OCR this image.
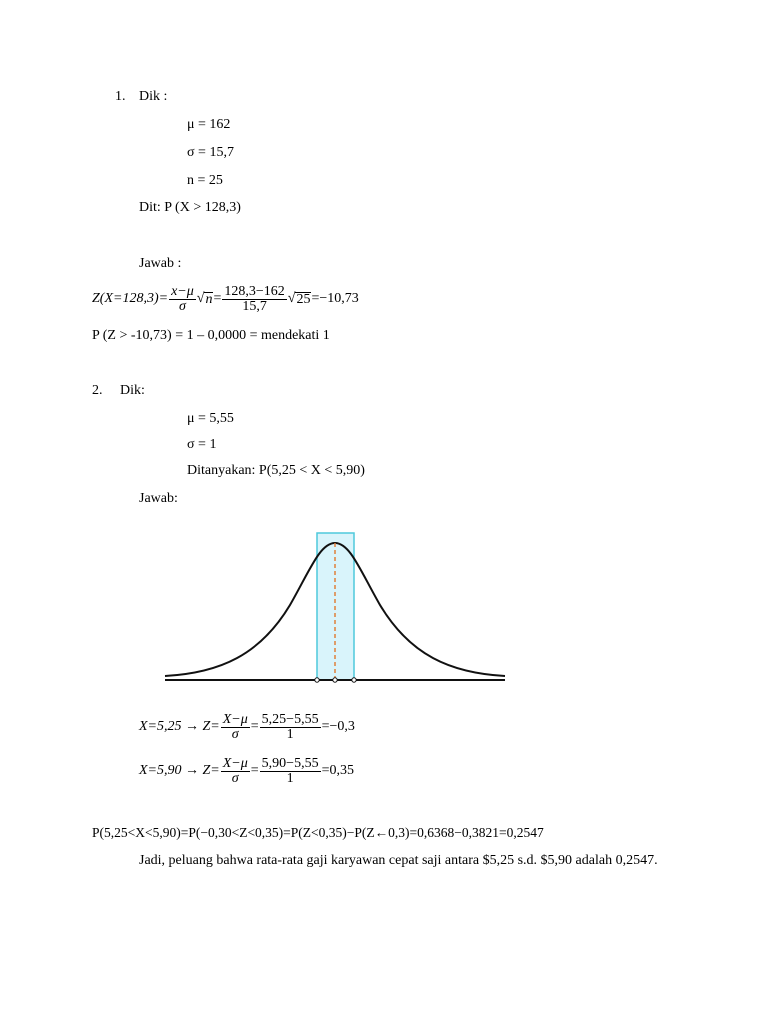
1. Dik :
μ = 162
σ = 15,7
n = 25
Dit: P (X > 128,3)
Jawab :
$Z(X=128,3)= \frac{x-\mu}{\sigma}$ √ $n = \frac{128,3-162}{15,7}$ √ 25 =−10,73
P (Z > -10,73) = 1 – 0,0000 = mendekati 1
2. Dik:
μ = 5,55
σ = 1
Ditanyakan: P(5,25 < X < 5,90)
Jawab:
$X=5,25 \to Z= \frac{X-\mu}{\sigma} = \frac{5,25-5,55}{1} =-0,3$
$X=5,90 \to Z= \frac{X-\mu}{\sigma} = \frac{5,90-5,55}{1} =0,35$
P(5,25<X<5,90)=P(−0,30<Z<0,35)=P(Z<0,35)−P(Z←0,3)=0,6368−0,3821=0,2547
Jadi, peluang bahwa rata-rata gaji karyawan cepat saji antara $5,25 s.d. $5,90 adalah 0,2547.
